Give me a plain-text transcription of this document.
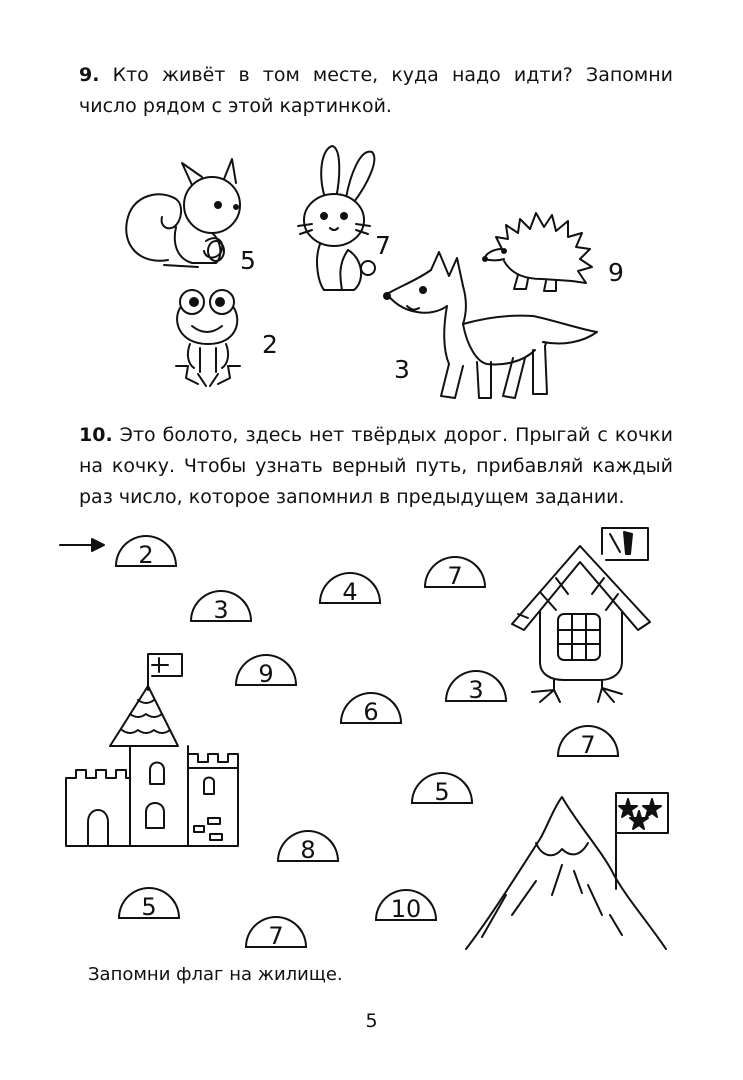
9. Кто живёт в том месте, куда надо идти? Запомни число рядом с этой картинкой.
5
7
9
2
3
10. Это болото, здесь нет твёрдых дорог. Прыгай с кочки на кочку. Чтобы узнать верный путь, прибавляй каждый раз число, которое запомнил в предыдущем задании.
2
3
4
7
9
6
3
7
5
8
5	10
7
Запомни флаг на жилище.
5
